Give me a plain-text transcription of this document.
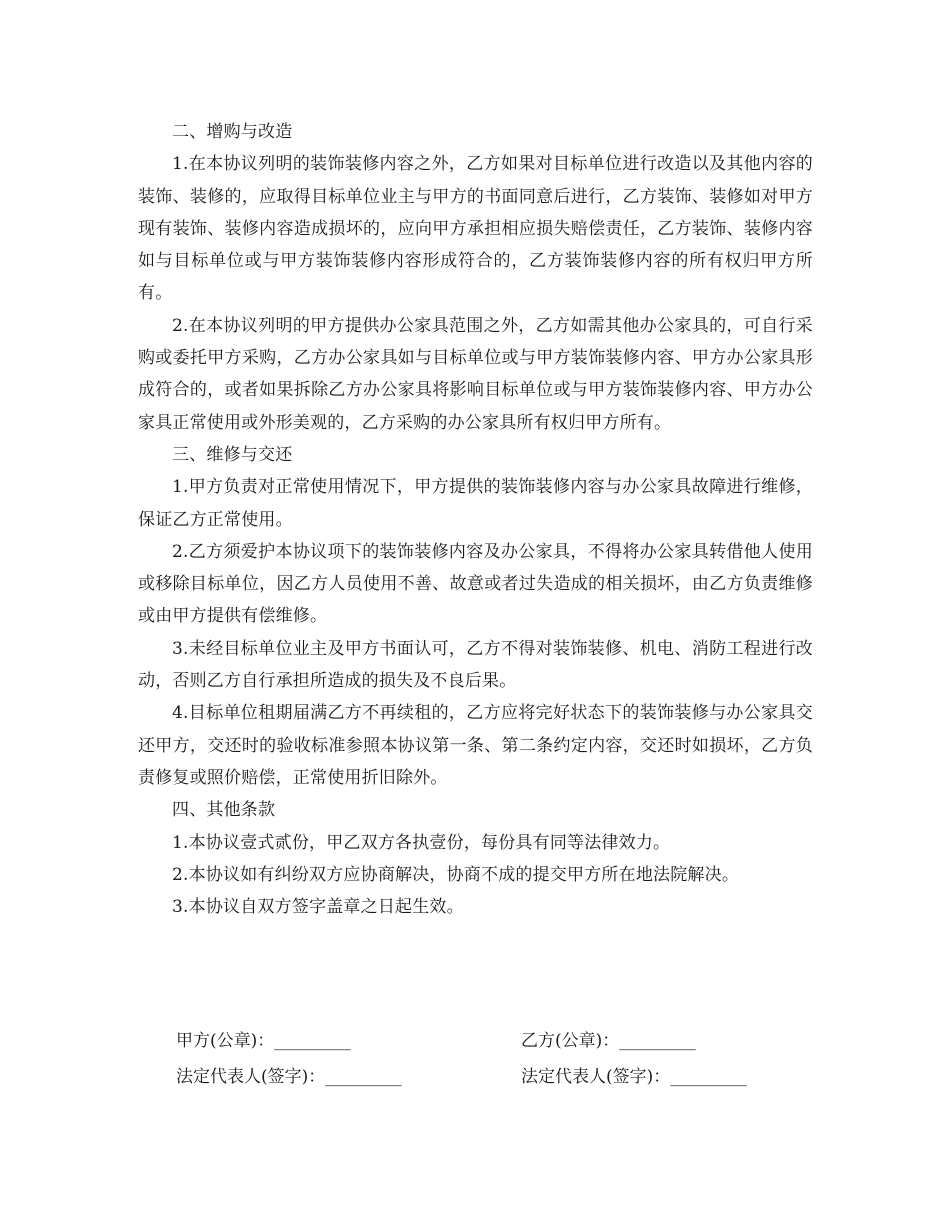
二、增购与改造

1.在本协议列明的装饰装修内容之外，乙方如果对目标单位进行改造以及其他内容的装饰、装修的，应取得目标单位业主与甲方的书面同意后进行，乙方装饰、装修如对甲方现有装饰、装修内容造成损坏的，应向甲方承担相应损失赔偿责任，乙方装饰、装修内容如与目标单位或与甲方装饰装修内容形成符合的，乙方装饰装修内容的所有权归甲方所有。

2.在本协议列明的甲方提供办公家具范围之外，乙方如需其他办公家具的，可自行采购或委托甲方采购，乙方办公家具如与目标单位或与甲方装饰装修内容、甲方办公家具形成符合的，或者如果拆除乙方办公家具将影响目标单位或与甲方装饰装修内容、甲方办公家具正常使用或外形美观的，乙方采购的办公家具所有权归甲方所有。

三、维修与交还

1.甲方负责对正常使用情况下，甲方提供的装饰装修内容与办公家具故障进行维修，保证乙方正常使用。

2.乙方须爱护本协议项下的装饰装修内容及办公家具，不得将办公家具转借他人使用或移除目标单位，因乙方人员使用不善、故意或者过失造成的相关损坏，由乙方负责维修或由甲方提供有偿维修。

3.未经目标单位业主及甲方书面认可，乙方不得对装饰装修、机电、消防工程进行改动，否则乙方自行承担所造成的损失及不良后果。

4.目标单位租期届满乙方不再续租的，乙方应将完好状态下的装饰装修与办公家具交还甲方，交还时的验收标准参照本协议第一条、第二条约定内容，交还时如损坏，乙方负责修复或照价赔偿，正常使用折旧除外。

四、其他条款

1.本协议壹式贰份，甲乙双方各执壹份，每份具有同等法律效力。

2.本协议如有纠纷双方应协商解决，协商不成的提交甲方所在地法院解决。

3.本协议自双方签字盖章之日起生效。

甲方(公章)：_________	乙方(公章)：_________
法定代表人(签字)：_________	法定代表人(签字)：_________
